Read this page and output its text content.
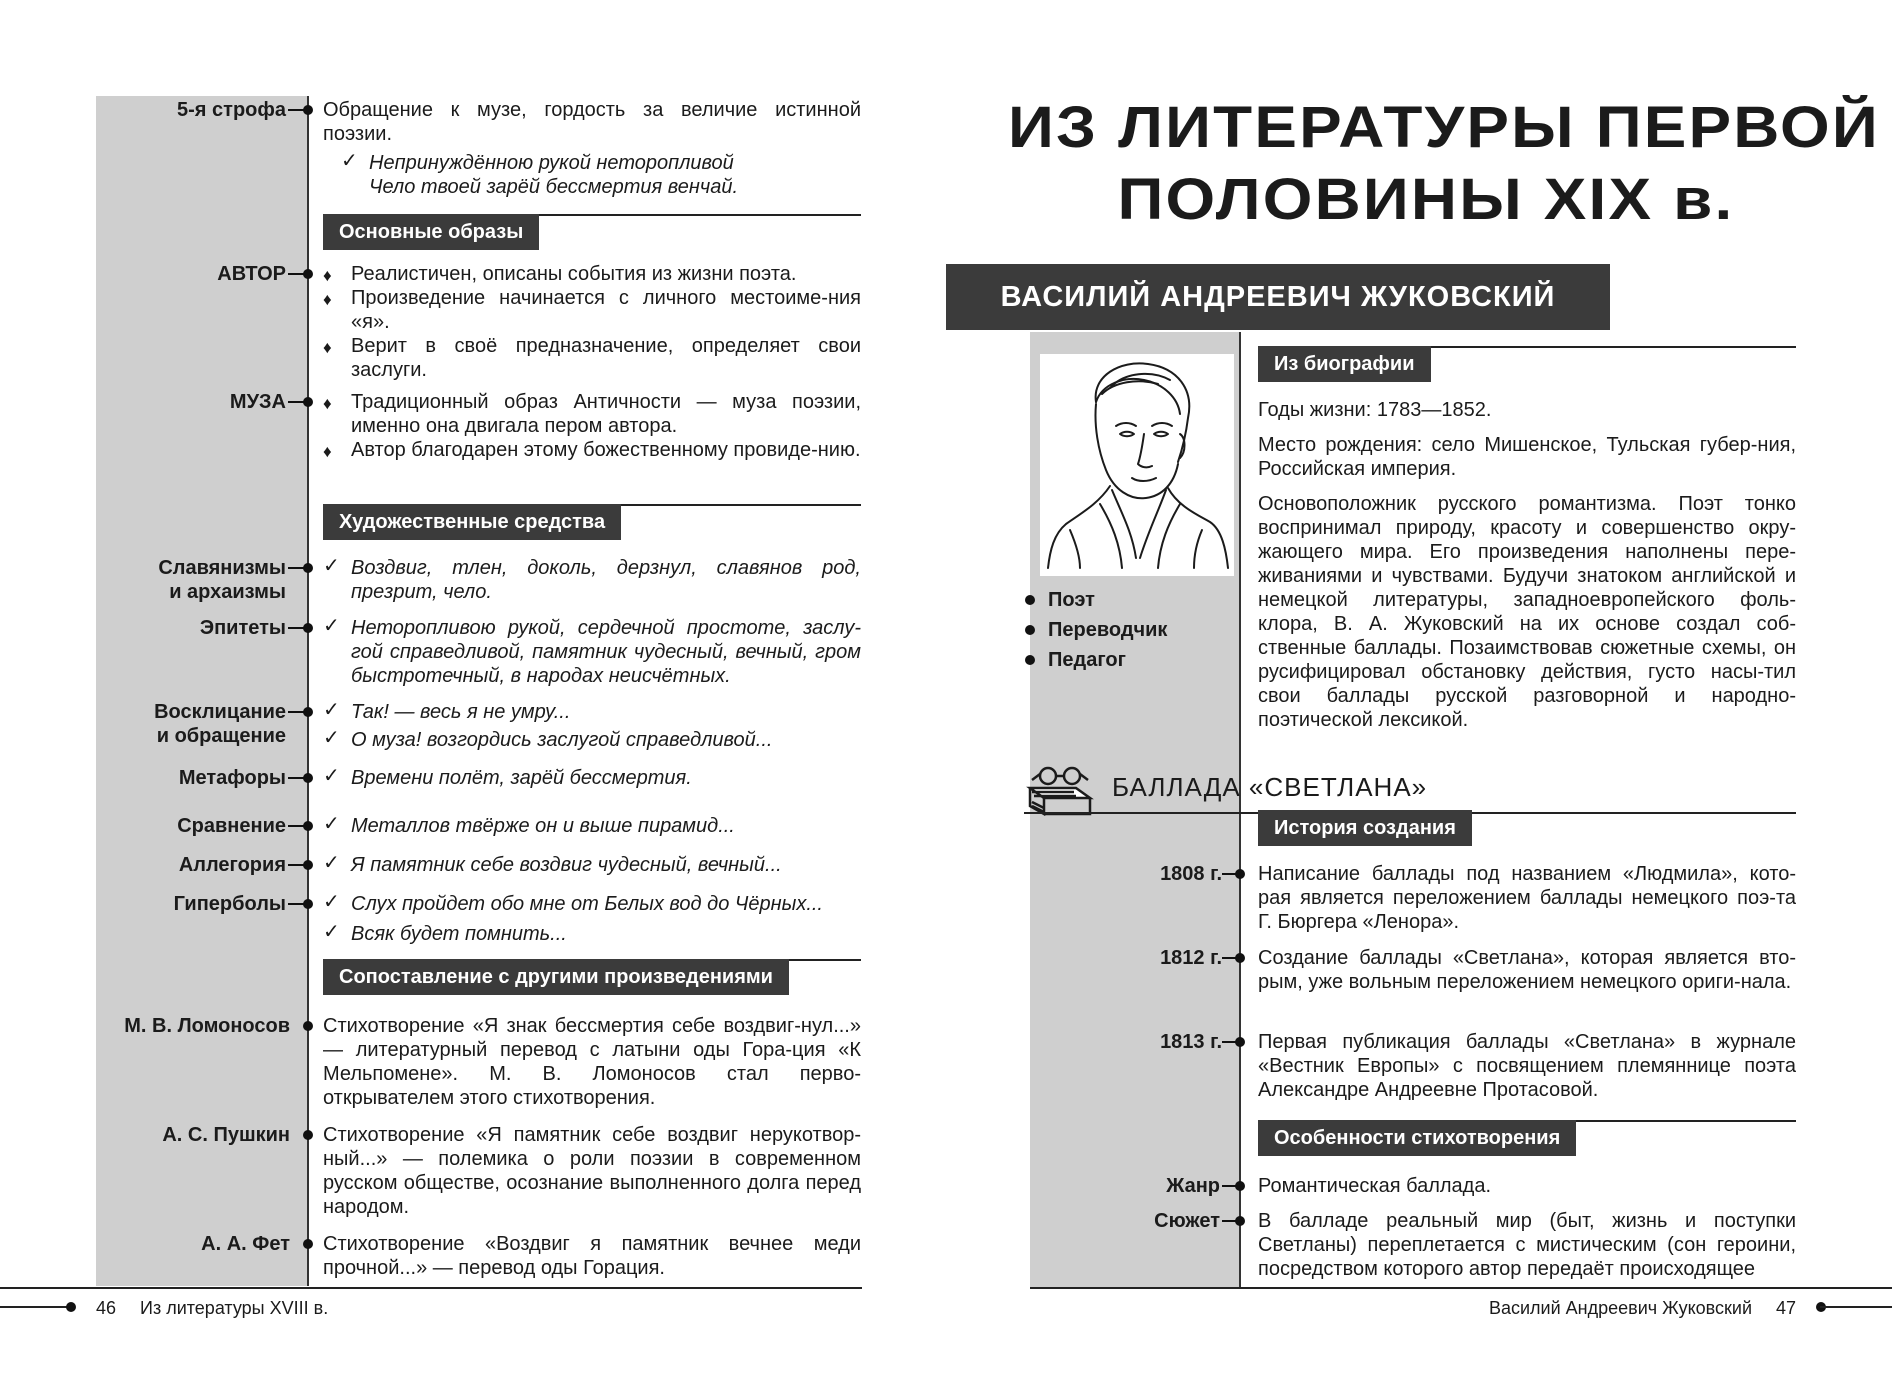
5-я строфа Обращение к музе, гордость за величие истинной поэзии.
✓ Непринуждённою рукой неторопливой
Чело твоей зарёй бессмертия венчай.
Основные образы
АВТОР ♦ Реалистичен, описаны события из жизни поэта.
♦ Произведение начинается с личного местоиме-ния «я».
♦ Верит в своё предназначение, определяет свои заслуги.
МУЗА ♦ Традиционный образ Античности — муза поэзии, именно она двигала пером автора.
♦ Автор благодарен этому божественному провиде-нию.
Художественные средства
Славянизмы
и архаизмы
✓ Воздвиг, тлен, доколь, дерзнул, славянов род, презрит, чело.
Эпитеты ✓ Неторопливою рукой, сердечной простоте, заслу-гой справедливой, памятник чудесный, вечный, гром быстротечный, в народах неисчётных.
Восклицание
и обращение
✓ Так! — весь я не умру...
✓ О муза! возгордись заслугой справедливой...
Метафоры ✓ Времени полёт, зарёй бессмертия.
Сравнение ✓ Металлов твёрже он и выше пирамид...
Аллегория ✓ Я памятник себе воздвиг чудесный, вечный...
Гиперболы ✓ Слух пройдет обо мне от Белых вод до Чёрных...
✓ Всяк будет помнить...
Сопоставление с другими произведениями
М. В. Ломоносов Стихотворение «Я знак бессмертия себе воздвиг-нул...» — литературный перевод с латыни оды Гора-ция «К Мельпомене». М. В. Ломоносов стал перво-открывателем этого стихотворения.
А. С. Пушкин Стихотворение «Я памятник себе воздвиг нерукотвор-ный...» — полемика о роли поэзии в современном русском обществе, осознание выполненного долга перед народом.
А. А. Фет Стихотворение «Воздвиг я памятник вечнее меди прочной...» — перевод оды Горация.
46 Из литературы XVIII в.
ИЗ ЛИТЕРАТУРЫ ПЕРВОЙ
ПОЛОВИНЫ XIX в.
ВАСИЛИЙ АНДРЕЕВИЧ ЖУКОВСКИЙ
Поэт
Переводчик
Педагог
Из биографии
Годы жизни: 1783—1852.
Место рождения: село Мишенское, Тульская губер-ния, Российская империя.
Основоположник русского романтизма. Поэт тонко воспринимал природу, красоту и совершенство окру-жающего мира. Его произведения наполнены пере-живаниями и чувствами. Будучи знатоком английской и немецкой литературы, западноевропейского фоль-клора, В. А. Жуковский на их основе создал соб-ственные баллады. Позаимствовав сюжетные схемы, он русифицировал обстановку действия, густо насы-тил свои баллады русской разговорной и народно-поэтической лексикой.
БАЛЛАДА «СВЕТЛАНА»
История создания
1808 г. Написание баллады под названием «Людмила», кото-рая является переложением баллады немецкого поэ-та Г. Бюргера «Ленора».
1812 г. Создание баллады «Светлана», которая является вто-рым, уже вольным переложением немецкого ориги-нала.
1813 г. Первая публикация баллады «Светлана» в журнале «Вестник Европы» с посвящением племяннице поэта Александре Андреевне Протасовой.
Особенности стихотворения
Жанр Романтическая баллада.
Сюжет В балладе реальный мир (быт, жизнь и поступки Светланы) переплетается с мистическим (сон героини, посредством которого автор передаёт происходящее
Василий Андреевич Жуковский 47
